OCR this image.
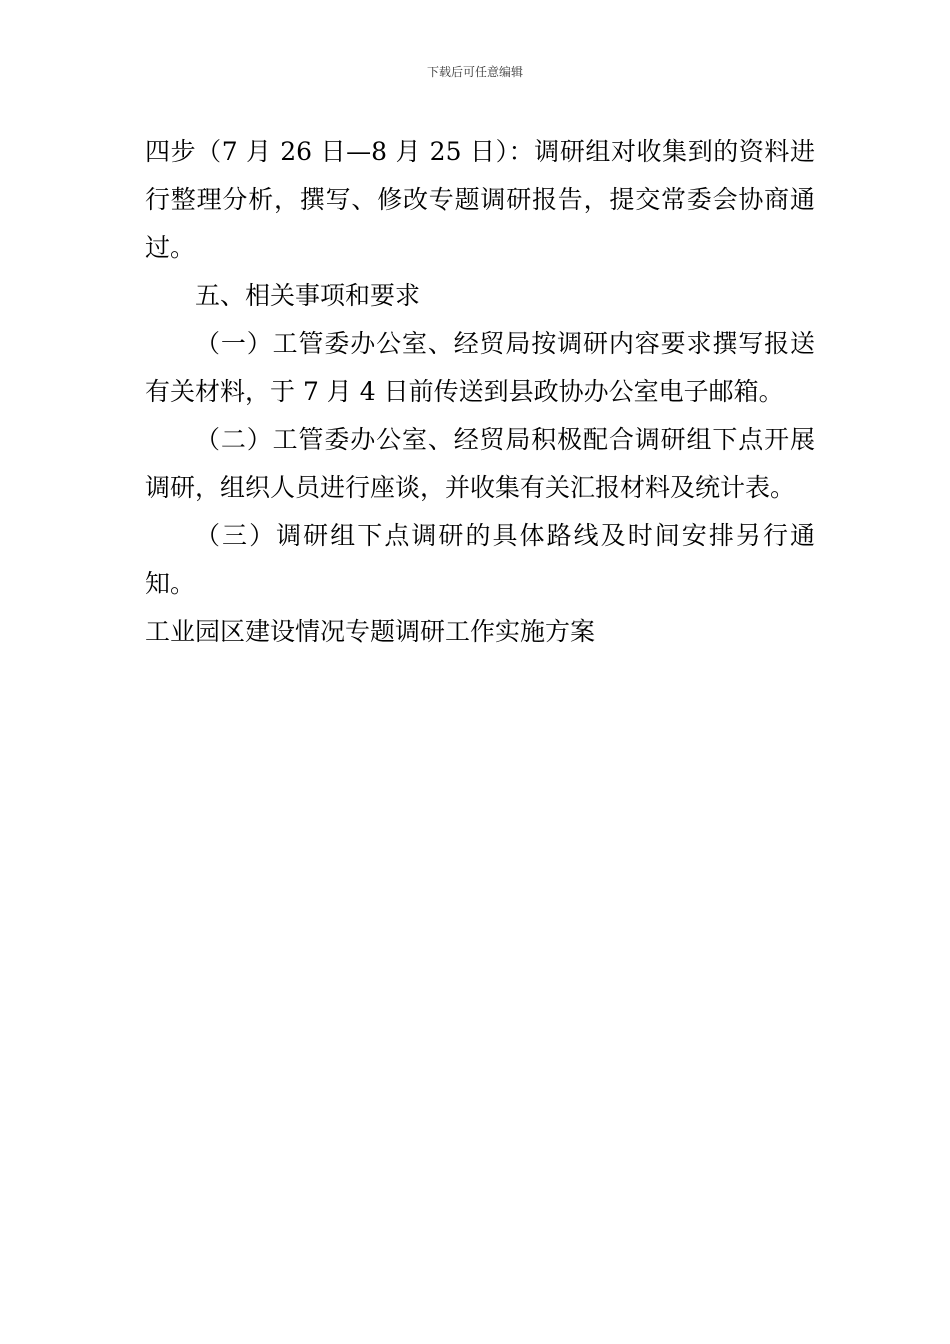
下载后可任意编辑

四步（7 月 26 日—8 月 25 日）：调研组对收集到的资料进行整理分析，撰写、修改专题调研报告，提交常委会协商通过。

五、相关事项和要求

（一）工管委办公室、经贸局按调研内容要求撰写报送有关材料，于 7 月 4 日前传送到县政协办公室电子邮箱。

（二）工管委办公室、经贸局积极配合调研组下点开展调研，组织人员进行座谈，并收集有关汇报材料及统计表。

（三）调研组下点调研的具体路线及时间安排另行通知。

工业园区建设情况专题调研工作实施方案
